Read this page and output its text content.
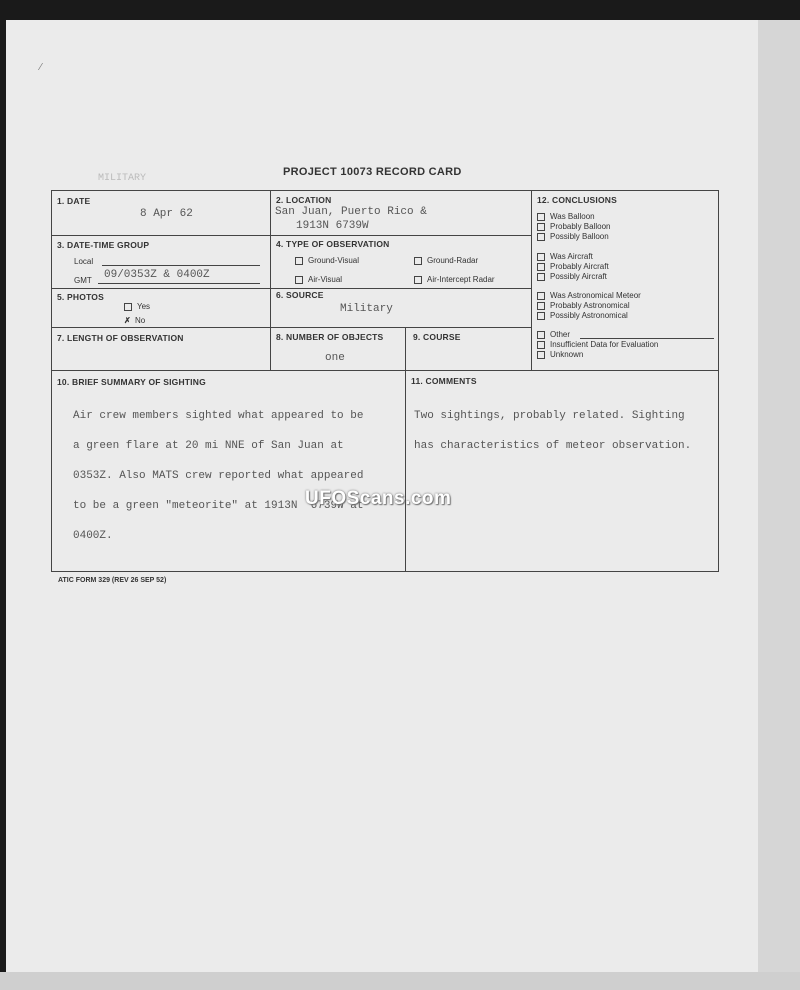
PROJECT 10073 RECORD CARD
MILITARY
1. DATE
8 Apr 62
2. LOCATION
San Juan, Puerto Rico &
1913N 6739W
12. CONCLUSIONS
Was Balloon
Probably Balloon
Possibly Balloon
Was Aircraft
Probably Aircraft
Possibly Aircraft
Was Astronomical Meteor
Probably Astronomical
Possibly Astronomical
Other
Insufficient Data for Evaluation
Unknown
3. DATE-TIME GROUP
Local
GMT 09/0353Z & 0400Z
4. TYPE OF OBSERVATION
Ground-Visual	Ground-Radar
Air-Visual	Air-Intercept Radar
5. PHOTOS
Yes
✗ No
6. SOURCE
Military
7. LENGTH OF OBSERVATION	8. NUMBER OF OBJECTS
one
9. COURSE
10. BRIEF SUMMARY OF SIGHTING

Air crew members sighted what appeared to be

a green flare at 20 mi NNE of San Juan at

0353Z. Also MATS crew reported what appeared

to be a green "meteorite" at 1913N  6739W at

0400Z.

11. COMMENTS

Two sightings, probably related. Sighting

has characteristics of meteor observation.

ATIC FORM 329 (REV 26 SEP 52)
UFOScans.com
⁄
